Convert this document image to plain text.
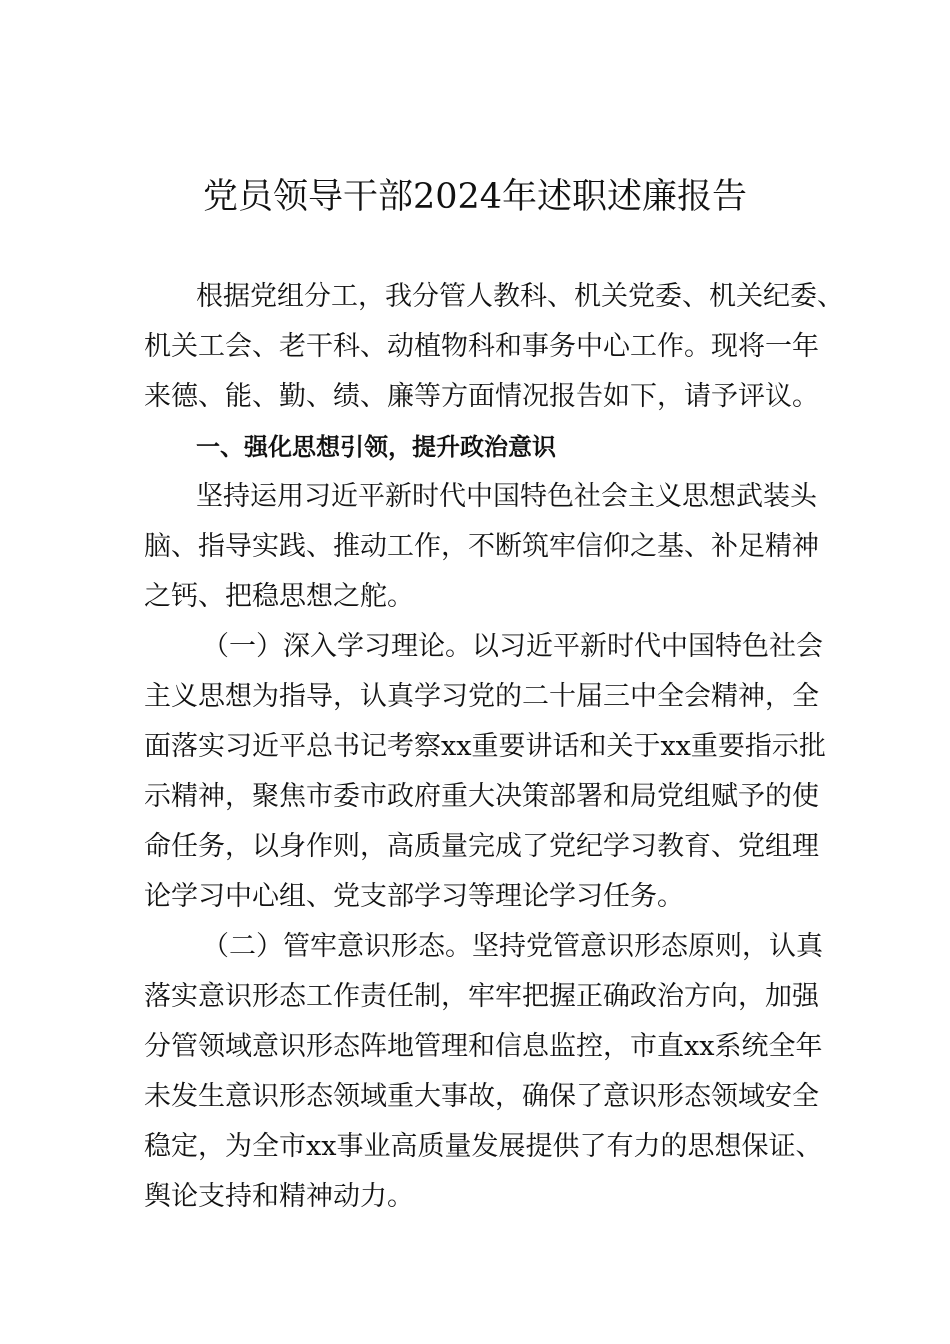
党员领导干部2024年述职述廉报告
根据党组分工，我分管人教科、机关党委、机关纪委、
机关工会、老干科、动植物科和事务中心工作。现将一年
来德、能、勤、绩、廉等方面情况报告如下，请予评议。
一、强化思想引领，提升政治意识
坚持运用习近平新时代中国特色社会主义思想武装头
脑、指导实践、推动工作，不断筑牢信仰之基、补足精神
之钙、把稳思想之舵。
（一）深入学习理论。以习近平新时代中国特色社会
主义思想为指导，认真学习党的二十届三中全会精神，全
面落实习近平总书记考察xx重要讲话和关于xx重要指示批
示精神，聚焦市委市政府重大决策部署和局党组赋予的使
命任务，以身作则，高质量完成了党纪学习教育、党组理
论学习中心组、党支部学习等理论学习任务。
（二）管牢意识形态。坚持党管意识形态原则，认真
落实意识形态工作责任制，牢牢把握正确政治方向，加强
分管领域意识形态阵地管理和信息监控，市直xx系统全年
未发生意识形态领域重大事故，确保了意识形态领域安全
稳定，为全市xx事业高质量发展提供了有力的思想保证、
舆论支持和精神动力。
